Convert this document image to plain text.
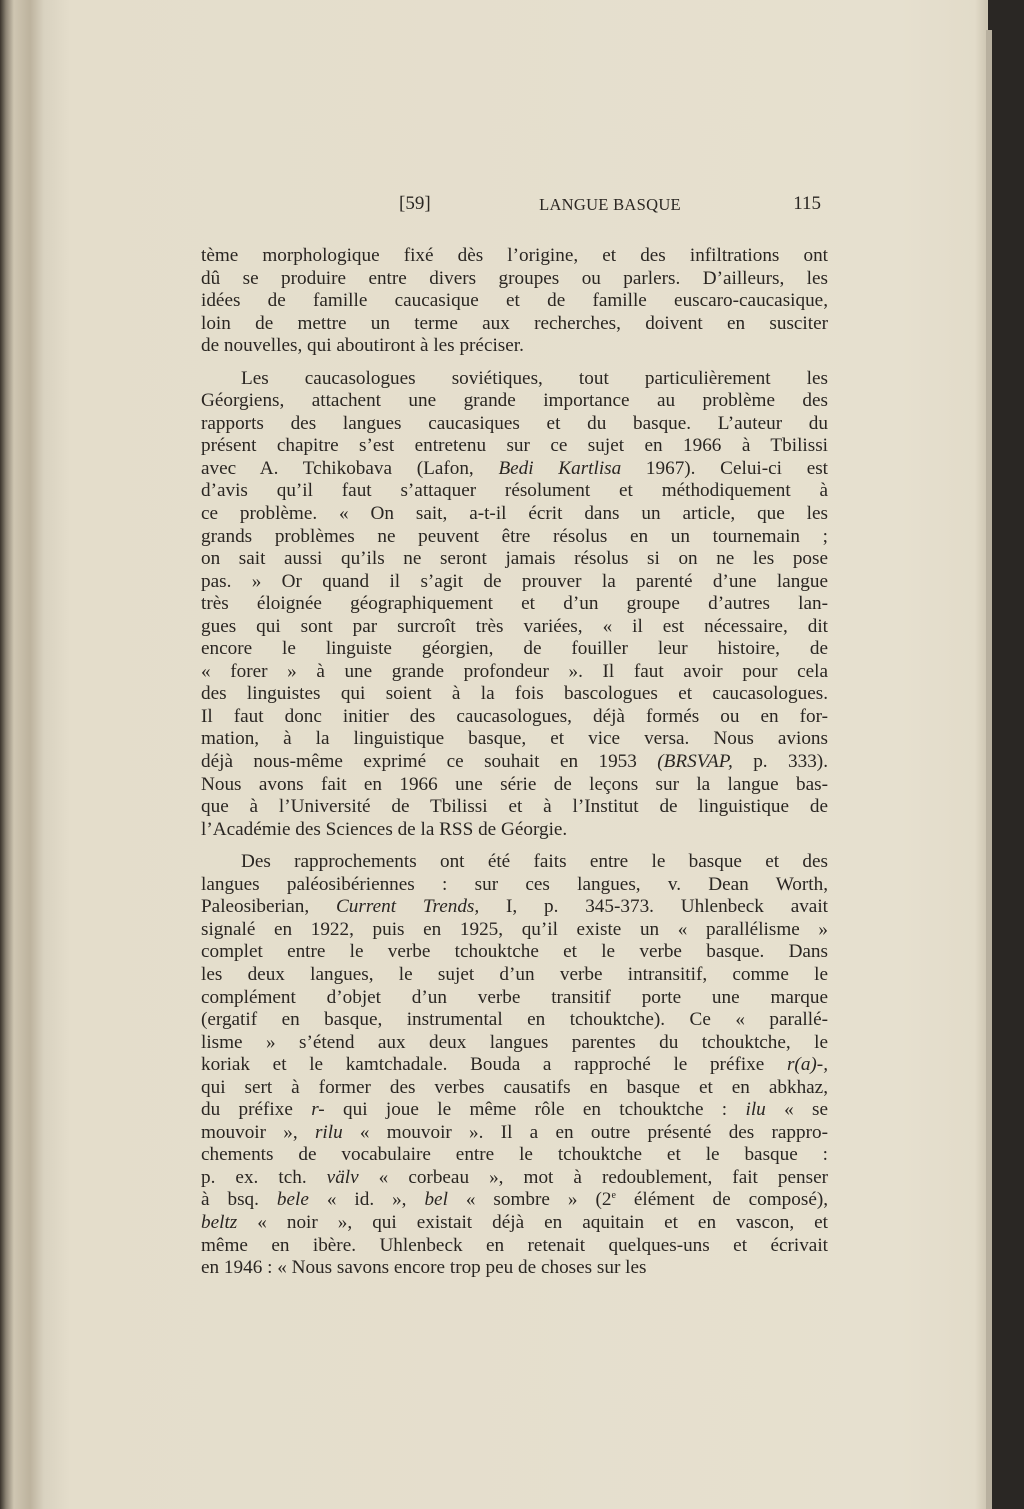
[59]	LANGUE BASQUE	115
tème morphologique fixé dès l’origine, et des infiltrations ont
dû se produire entre divers groupes ou parlers. D’ailleurs, les
idées de famille caucasique et de famille euscaro-caucasique,
loin de mettre un terme aux recherches, doivent en susciter
de nouvelles, qui aboutiront à les préciser.
Les caucasologues soviétiques, tout particulièrement les
Géorgiens, attachent une grande importance au problème des
rapports des langues caucasiques et du basque. L’auteur du
présent chapitre s’est entretenu sur ce sujet en 1966 à Tbilissi
avec A. Tchikobava (Lafon, Bedi Kartlisa 1967). Celui-ci est
d’avis qu’il faut s’attaquer résolument et méthodiquement à
ce problème. « On sait, a-t-il écrit dans un article, que les
grands problèmes ne peuvent être résolus en un tournemain ;
on sait aussi qu’ils ne seront jamais résolus si on ne les pose
pas. » Or quand il s’agit de prouver la parenté d’une langue
très éloignée géographiquement et d’un groupe d’autres lan-
gues qui sont par surcroît très variées, « il est nécessaire, dit
encore le linguiste géorgien, de fouiller leur histoire, de
« forer » à une grande profondeur ». Il faut avoir pour cela
des linguistes qui soient à la fois bascologues et caucasologues.
Il faut donc initier des caucasologues, déjà formés ou en for-
mation, à la linguistique basque, et vice versa. Nous avions
déjà nous-même exprimé ce souhait en 1953 (BRSVAP, p. 333).
Nous avons fait en 1966 une série de leçons sur la langue bas-
que à l’Université de Tbilissi et à l’Institut de linguistique de
l’Académie des Sciences de la RSS de Géorgie.
Des rapprochements ont été faits entre le basque et des
langues paléosibériennes : sur ces langues, v. Dean Worth,
Paleosiberian, Current Trends, I, p. 345-373. Uhlenbeck avait
signalé en 1922, puis en 1925, qu’il existe un « parallélisme »
complet entre le verbe tchouktche et le verbe basque. Dans
les deux langues, le sujet d’un verbe intransitif, comme le
complément d’objet d’un verbe transitif porte une marque
(ergatif en basque, instrumental en tchouktche). Ce « parallé-
lisme » s’étend aux deux langues parentes du tchouktche, le
koriak et le kamtchadale. Bouda a rapproché le préfixe r(a)-,
qui sert à former des verbes causatifs en basque et en abkhaz,
du préfixe r- qui joue le même rôle en tchouktche : ilu « se
mouvoir », rilu « mouvoir ». Il a en outre présenté des rappro-
chements de vocabulaire entre le tchouktche et le basque :
p. ex. tch. välv « corbeau », mot à redoublement, fait penser
à bsq. bele « id. », bel « sombre » (2e élément de composé),
beltz « noir », qui existait déjà en aquitain et en vascon, et
même en ibère. Uhlenbeck en retenait quelques-uns et écrivait
en 1946 : « Nous savons encore trop peu de choses sur les
